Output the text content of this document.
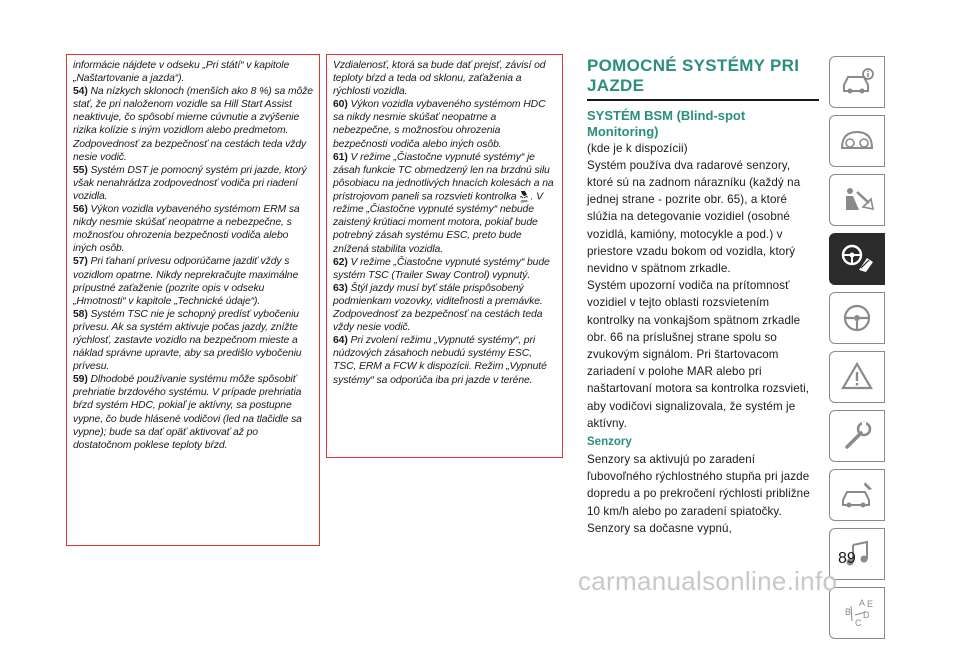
informácie nájdete v odseku „Pri státí“ v kapitole „Naštartovanie a jazda“).

54) Na nízkych sklonoch (menších ako 8 %) sa môže stať, že pri naloženom vozidle sa Hill Start Assist neaktivuje, čo spôsobí mierne cúvnutie a zvýšenie rizika kolízie s iným vozidlom alebo predmetom. Zodpovednosť za bezpečnosť na cestách teda vždy nesie vodič.

55) Systém DST je pomocný systém pri jazde, ktorý však nenahrádza zodpovednosť vodiča pri riadení vozidla.

56) Výkon vozidla vybaveného systémom ERM sa nikdy nesmie skúšať neopatrne a nebezpečne, s možnosťou ohrozenia bezpečnosti vodiča alebo iných osôb.

57) Pri ťahaní prívesu odporúčame jazdiť vždy s vozidlom opatrne. Nikdy neprekračujte maximálne prípustné zaťaženie (pozrite opis v odseku „Hmotnosti“ v kapitole „Technické údaje“).

58) Systém TSC nie je schopný predísť vybočeniu prívesu. Ak sa systém aktivuje počas jazdy, znížte rýchlosť, zastavte vozidlo na bezpečnom mieste a náklad správne upravte, aby sa predišlo vybočeniu prívesu.

59) Dlhodobé používanie systému môže spôsobiť prehriatie brzdového systému. V prípade prehriatia bŕzd systém HDC, pokiaľ je aktívny, sa postupne vypne, čo bude hlásené vodičovi (led na tlačidle sa vypne); bude sa dať opäť aktivovať až po dostatočnom poklese teploty bŕzd.

Vzdialenosť, ktorá sa bude dať prejsť, závisí od teploty bŕzd a teda od sklonu, zaťaženia a rýchlosti vozidla.

60) Výkon vozidla vybaveného systémom HDC sa nikdy nesmie skúšať neopatrne a nebezpečne, s možnosťou ohrozenia bezpečnosti vodiča alebo iných osôb.

61) V režime „Čiastočne vypnuté systémy“ je zásah funkcie TC obmedzený len na brzdnú silu pôsobiacu na jednotlivých hnacích kolesách a na prístrojovom paneli sa rozsvieti kontrolka OFF . V režime „Čiastočne vypnuté systémy“ nebude zaistený krútiaci moment motora, pokiaľ bude potrebný zásah systému ESC, preto bude znížená stabilita vozidla.

62) V režime „Čiastočne vypnuté systémy“ bude systém TSC (Trailer Sway Control) vypnutý.

63) Štýl jazdy musí byť stále prispôsobený podmienkam vozovky, viditeľnosti a premávke. Zodpovednosť za bezpečnosť na cestách teda vždy nesie vodič.

64) Pri zvolení režimu „Vypnuté systémy“, pri núdzových zásahoch nebudú systémy ESC, TSC, ERM a FCW k dispozícii. Režim „Vypnuté systémy“ sa odporúča iba pri jazde v teréne.

POMOCNÉ SYSTÉMY PRI JAZDE
SYSTÉM BSM (Blind-spot Monitoring)

(kde je k dispozícii)

Systém používa dva radarové senzory, ktoré sú na zadnom nárazníku (každý na jednej strane - pozrite obr. 65), a ktoré slúžia na detegovanie vozidiel (osobné vozidlá, kamióny, motocykle a pod.) v priestore vzadu bokom od vozidla, ktorý nevidno v spätnom zrkadle.

Systém upozorní vodiča na prítomnosť vozidiel v tejto oblasti rozsvietením kontrolky na vonkajšom spätnom zrkadle obr. 66 na príslušnej strane spolu so zvukovým signálom. Pri štartovacom zariadení v polohe MAR alebo pri naštartovaní motora sa kontrolka rozsvieti, aby vodičovi signalizovala, že systém je aktívny.

Senzory

Senzory sa aktivujú po zaradení ľubovoľného rýchlostného stupňa pri jazde dopredu a po prekročení rýchlosti približne 10 km/h alebo po zaradení spiatočky. Senzory sa dočasne vypnú,

A
B
C
D
E
89
carmanualsonline.info
